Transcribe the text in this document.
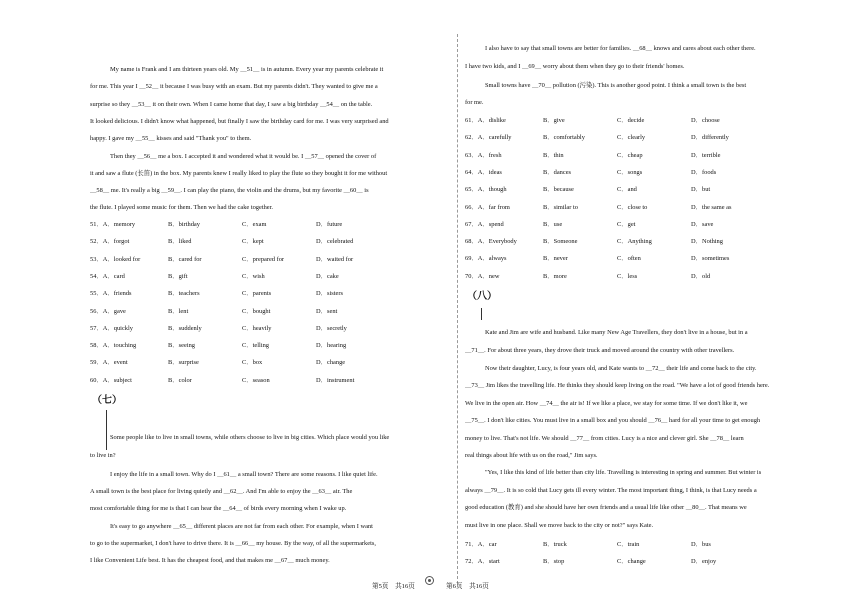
My name is Frank and I am thirteen years old. My ＿51＿ is in autumn. Every year my parents celebrate it
for me. This year I ＿52＿ it because I was busy with an exam. But my parents didn't. They wanted to give me a
surprise so they ＿53＿ it on their own. When I came home that day, I saw a big birthday ＿54＿ on the table.
It looked delicious. I didn't know what happened, but finally I saw the birthday card for me. I was very surprised and
happy. I gave my ＿55＿ kisses and said "Thank you" to them.
Then they ＿56＿ me a box. I accepted it and wondered what it would be. I ＿57＿ opened the cover of
it and saw a flute (长笛) in the box. My parents knew I really liked to play the flute so they bought it for me without
＿58＿ me. It's really a big ＿59＿. I can play the piano, the violin and the drums, but my favorite ＿60＿ is
the flute. I played some music for them. Then we had the cake together.
51．A．memory	B．birthday	C．exam	D．future
52．A．forgot	B．liked	C．kept	D．celebrated
53．A．looked for	B．cared for	C．prepared for	D．waited for
54．A．card	B．gift	C．wish	D．cake
55．A．friends	B．teachers	C．parents	D．sisters
56．A．gave	B．lent	C．bought	D．sent
57．A．quickly	B．suddenly	C．heavily	D．secretly
58．A．touching	B．seeing	C．telling	D．hearing
59．A．event	B．surprise	C．box	D．change
60．A．subject	B．color	C．season	D．instrument
（七）
Some people like to live in small towns, while others choose to live in big cities. Which place would you like
to live in?
I enjoy the life in a small town. Why do I ＿61＿ a small town? There are some reasons. I like quiet life.
A small town is the best place for living quietly and ＿62＿. And I'm able to enjoy the ＿63＿ air. The
most comfortable thing for me is that I can hear the ＿64＿ of birds every morning when I wake up.
It's easy to go anywhere ＿65＿ different places are not far from each other. For example, when I want
to go to the supermarket, I don't have to drive there. It is ＿66＿ my house. By the way, of all the supermarkets,
I like Convenient Life best. It has the cheapest food, and that makes me ＿67＿ much money.
I also have to say that small towns are better for families. ＿68＿ knows and cares about each other there.
I have two kids, and I ＿69＿ worry about them when they go to their friends' homes.
Small towns have ＿70＿ pollution (污染). This is another good point. I think a small town is the best
for me.
61．A．dislike	B．give	C．decide	D．choose
62．A．carefully	B．comfortably	C．clearly	D．differently
63．A．fresh	B．thin	C．cheap	D．terrible
64．A．ideas	B．dances	C．songs	D．foods
65．A．though	B．because	C．and	D．but
66．A．far from	B．similar to	C．close to	D．the same as
67．A．spend	B．use	C．get	D．save
68．A．Everybody	B．Someone	C．Anything	D．Nothing
69．A．always	B．never	C．often	D．sometimes
70．A．new	B．more	C．less	D．old
（八）
Kate and Jim are wife and husband. Like many New Age Travellers, they don't live in a house, but in a
＿71＿. For about three years, they drove their truck and moved around the country with other travellers.
Now their daughter, Lucy, is four years old, and Kate wants to ＿72＿ their life and come back to the city.
＿73＿ Jim likes the travelling life. He thinks they should keep living on the road. "We have a lot of good friends here.
We live in the open air. How ＿74＿ the air is! If we like a place, we stay for some time. If we don't like it, we
＿75＿. I don't like cities. You must live in a small box and you should ＿76＿ hard for all your time to get enough
money to live. That's not life. We should ＿77＿ from cities. Lucy is a nice and clever girl. She ＿78＿ learn
real things about life with us on the road," Jim says.
"Yes, I like this kind of life better than city life. Travelling is interesting in spring and summer. But winter is
always ＿79＿. It is so cold that Lucy gets ill every winter. The most important thing, I think, is that Lucy needs a
good education (教育) and she should have her own friends and a usual life like other ＿80＿. That means we
must live in one place. Shall we move back to the city or not?" says Kate.
71．A．car	B．truck	C．train	D．bus
72．A．start	B．stop	C．change	D．enjoy
第5页　共16页	第6页　共16页
